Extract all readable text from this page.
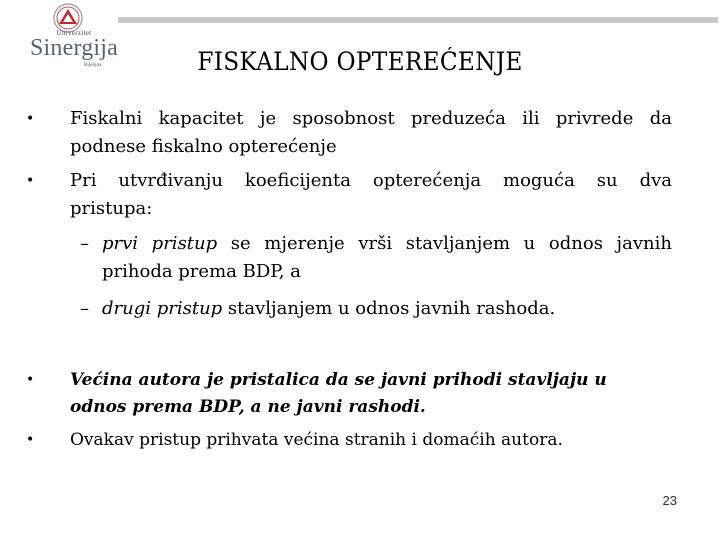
Univerzitet
Sinergija
Bijeljina	FISKALNO OPTEREĆENJE
• Fiskalni kapacitet je sposobnost preduzeća ili privrede da
podnese fiskalno opterećenje
• Pri utvrđivanju koeficijenta opterećenja moguća su dva
pristupa:
– prvi pristup se mjerenje vrši stavljanjem u odnos javnih
prihoda prema BDP, a
– drugi pristup stavljanjem u odnos javnih rashoda.
• Većina autora je pristalica da se javni prihodi stavljaju u
odnos prema BDP, a ne javni rashodi.
• Ovakav pristup prihvata većina stranih i domaćih autora.
23
